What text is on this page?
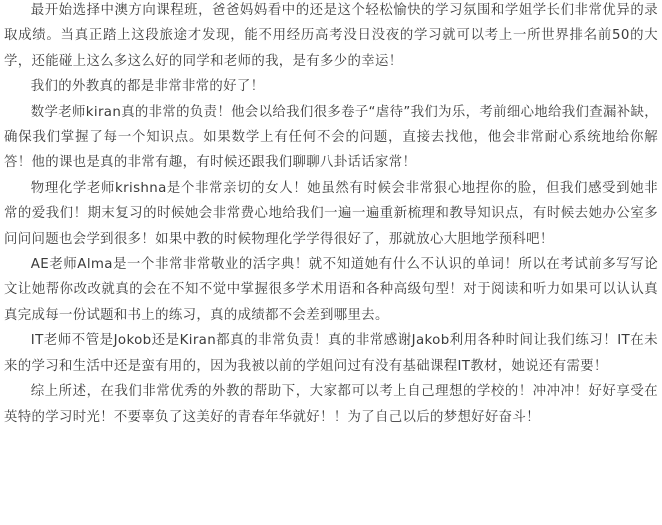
最开始选择中澳方向课程班，爸爸妈妈看中的还是这个轻松愉快的学习氛围和学姐学长们非常优异的录取成绩。当真正踏上这段旅途才发现，能不用经历高考没日没夜的学习就可以考上一所世界排名前50的大学，还能碰上这么多这么好的同学和老师的我，是有多少的幸运！

我们的外教真的都是非常非常的好了！

数学老师kiran真的非常的负责！他会以给我们很多卷子“虐待”我们为乐，考前细心地给我们查漏补缺，确保我们掌握了每一个知识点。如果数学上有任何不会的问题，直接去找他，他会非常耐心系统地给你解答！他的课也是真的非常有趣，有时候还跟我们聊聊八卦话话家常！

物理化学老师krishna是个非常亲切的女人！她虽然有时候会非常狠心地捏你的脸，但我们感受到她非常的爱我们！期末复习的时候她会非常费心地给我们一遍一遍重新梳理和教导知识点，有时候去她办公室多问问问题也会学到很多！如果中教的时候物理化学学得很好了，那就放心大胆地学预科吧！

AE老师Alma是一个非常非常敬业的活字典！就不知道她有什么不认识的单词！所以在考试前多写写论文让她帮你改改就真的会在不知不觉中掌握很多学术用语和各种高级句型！对于阅读和听力如果可以认认真真完成每一份试题和书上的练习，真的成绩都不会差到哪里去。

IT老师不管是Jokob还是Kiran都真的非常负责！真的非常感谢Jakob利用各种时间让我们练习！IT在未来的学习和生活中还是蛮有用的，因为我被以前的学姐问过有没有基础课程IT教材，她说还有需要！

综上所述，在我们非常优秀的外教的帮助下，大家都可以考上自己理想的学校的！冲冲冲！好好享受在英特的学习时光！不要辜负了这美好的青春年华就好！！为了自己以后的梦想好好奋斗！
